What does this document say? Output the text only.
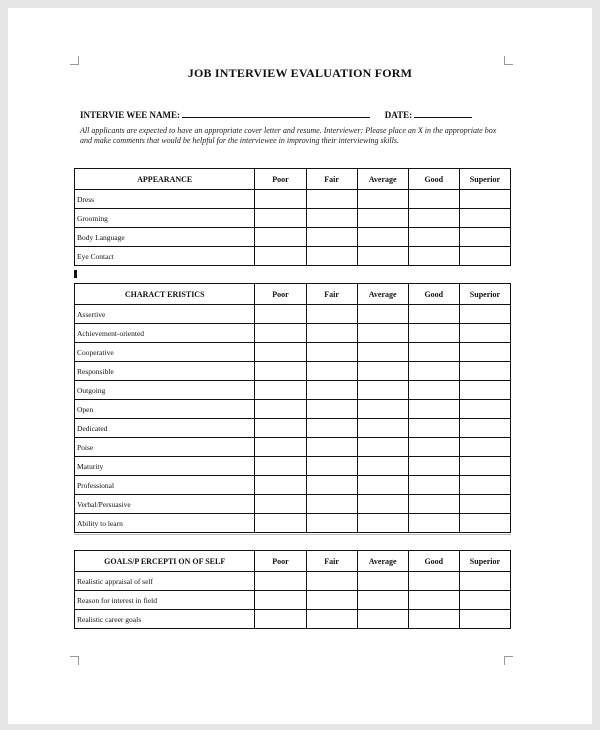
JOB INTERVIEW EVALUATION FORM
INTERVIE WEE NAME:	DATE:
All applicants are expected to have an appropriate cover letter and resume. Interviewer: Please place an X in the appropriate box and make comments that would be helpful for the interviewee in improving their interviewing skills.
APPEARANCE	Poor	Fair	Average	Good	Superior
Dress					
Grooming					
Body Language					
Eye Contact					
CHARACT ERISTICS	Poor	Fair	Average	Good	Superior
Assertive					
Achievement-oriented					
Cooperative					
Responsible					
Outgoing					
Open					
Dedicated					
Poise					
Maturity					
Professional					
Verbal/Persuasive					
Ability to learn					
GOALS/P ERCEPTI ON OF SELF	Poor	Fair	Average	Good	Superior
Realistic appraisal of self					
Reason for interest in field					
Realistic career goals					
